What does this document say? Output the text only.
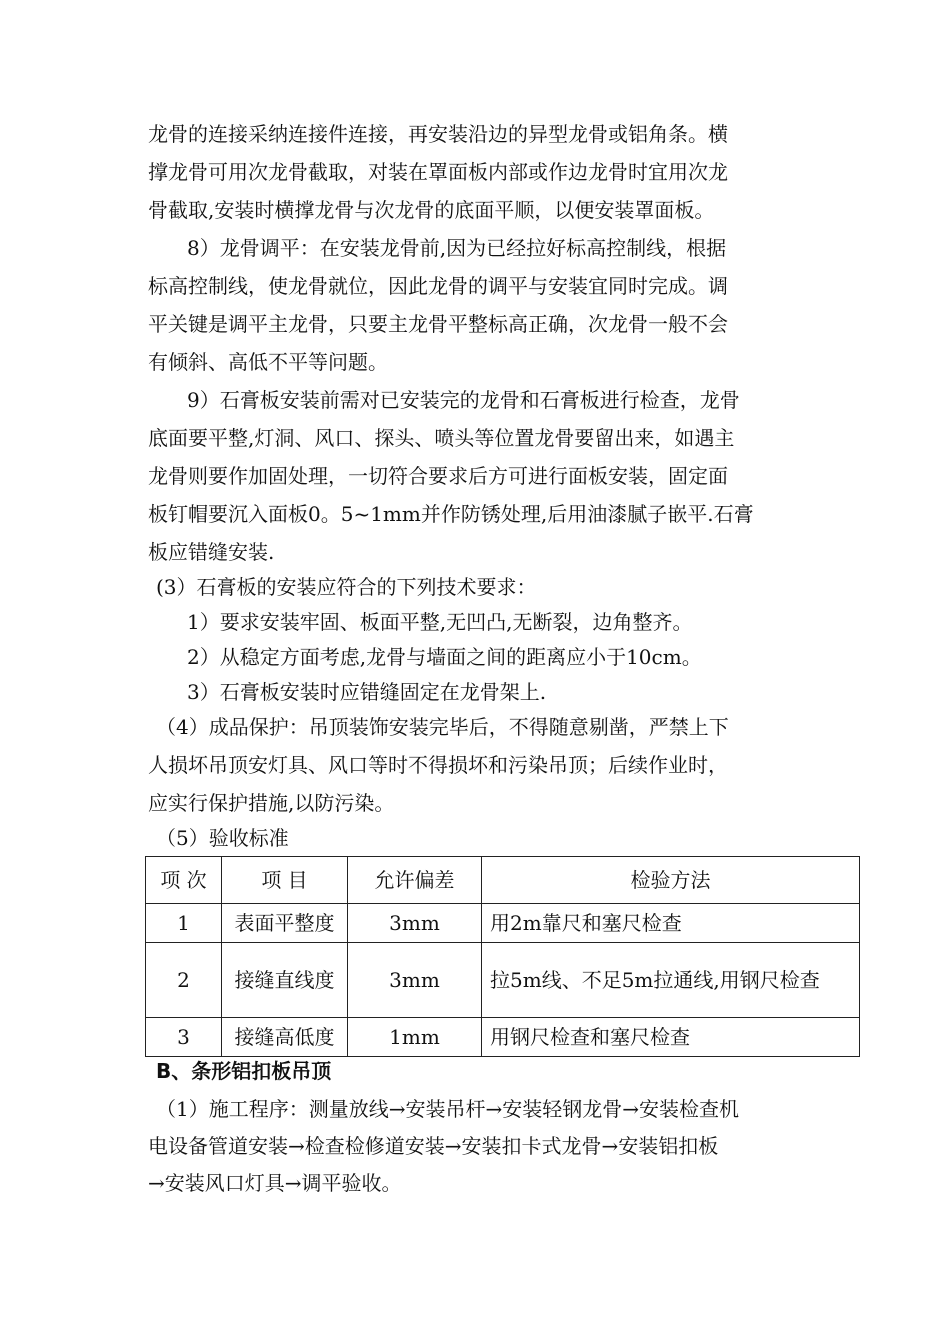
龙骨的连接采纳连接件连接，再安装沿边的异型龙骨或铝角条。横
撑龙骨可用次龙骨截取，对装在罩面板内部或作边龙骨时宜用次龙
骨截取,安装时横撑龙骨与次龙骨的底面平顺，以便安装罩面板。
8）龙骨调平：在安装龙骨前,因为已经拉好标高控制线，根据
标高控制线，使龙骨就位，因此龙骨的调平与安装宜同时完成。调
平关键是调平主龙骨，只要主龙骨平整标高正确，次龙骨一般不会
有倾斜、高低不平等问题。
9）石膏板安装前需对已安装完的龙骨和石膏板进行检查，龙骨
底面要平整,灯洞、风口、探头、喷头等位置龙骨要留出来，如遇主
龙骨则要作加固处理，一切符合要求后方可进行面板安装，固定面
板钉帽要沉入面板0。5~1mm并作防锈处理,后用油漆腻子嵌平.石膏
板应错缝安装.
(3）石膏板的安装应符合的下列技术要求：
1）要求安装牢固、板面平整,无凹凸,无断裂，边角整齐。
2）从稳定方面考虑,龙骨与墙面之间的距离应小于10cm。
3）石膏板安装时应错缝固定在龙骨架上.
（4）成品保护：吊顶装饰安装完毕后，不得随意剔凿，严禁上下
人损坏吊顶安灯具、风口等时不得损坏和污染吊顶；后续作业时，
应实行保护措施,以防污染。
（5）验收标准
项 次	项 目	允许偏差	检验方法
1	表面平整度	3mm	用2m靠尺和塞尺检查
2	接缝直线度	3mm	拉5m线、不足5m拉通线,用钢尺检查
3	接缝高低度	1mm	用钢尺检查和塞尺检查
B、条形铝扣板吊顶
（1）施工程序：测量放线→安装吊杆→安装轻钢龙骨→安装检查机
电设备管道安装→检查检修道安装→安装扣卡式龙骨→安装铝扣板
→安装风口灯具→调平验收。
